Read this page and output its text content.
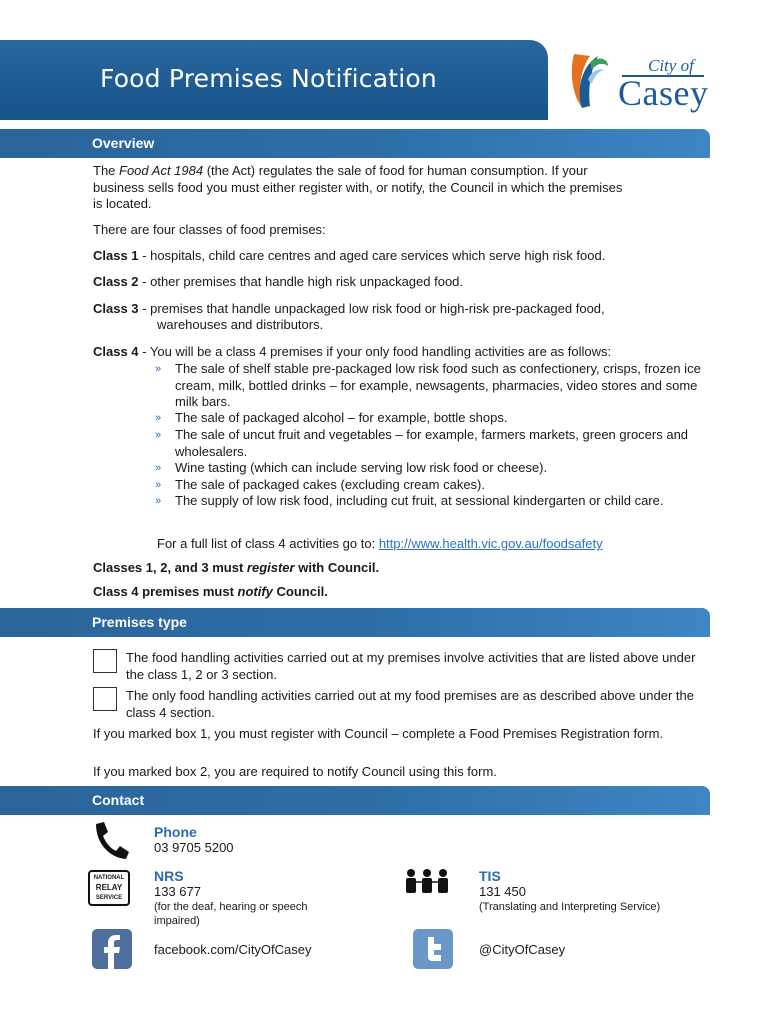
Food Premises Notification	City of
Casey
Overview
The Food Act 1984 (the Act) regulates the sale of food for human consumption. If your
business sells food you must either register with, or notify, the Council in which the premises
is located.
There are four classes of food premises:
Class 1 - hospitals, child care centres and aged care services which serve high risk food.
Class 2 - other premises that handle high risk unpackaged food.
Class 3 - premises that handle unpackaged low risk food or high-risk pre-packaged food,
warehouses and distributors.
Class 4 - You will be a class 4 premises if your only food handling activities are as follows:
» The sale of shelf stable pre-packaged low risk food such as confectionery, crisps, frozen ice cream, milk, bottled drinks – for example, newsagents, pharmacies, video stores and some milk bars.
» The sale of packaged alcohol – for example, bottle shops.
» The sale of uncut fruit and vegetables – for example, farmers markets, green grocers and wholesalers.
» Wine tasting (which can include serving low risk food or cheese).
» The sale of packaged cakes (excluding cream cakes).
» The supply of low risk food, including cut fruit, at sessional kindergarten or child care.
For a full list of class 4 activities go to: http://www.health.vic.gov.au/foodsafety
Classes 1, 2, and 3 must register with Council.
Class 4 premises must notify Council.
Premises type
The food handling activities carried out at my premises involve activities that are listed above under the class 1, 2 or 3 section.
The only food handling activities carried out at my food premises are as described above under the class 4 section.
If you marked box 1, you must register with Council – complete a Food Premises Registration form.
If you marked box 2, you are required to notify Council using this form.
Contact
Phone
03 9705 5200
NATIONAL
RELAY
SERVICE
NRS
133 677
(for the deaf, hearing or speech impaired)
TIS
131 450
(Translating and Interpreting Service)
facebook.com/CityOfCasey	@CityOfCasey
